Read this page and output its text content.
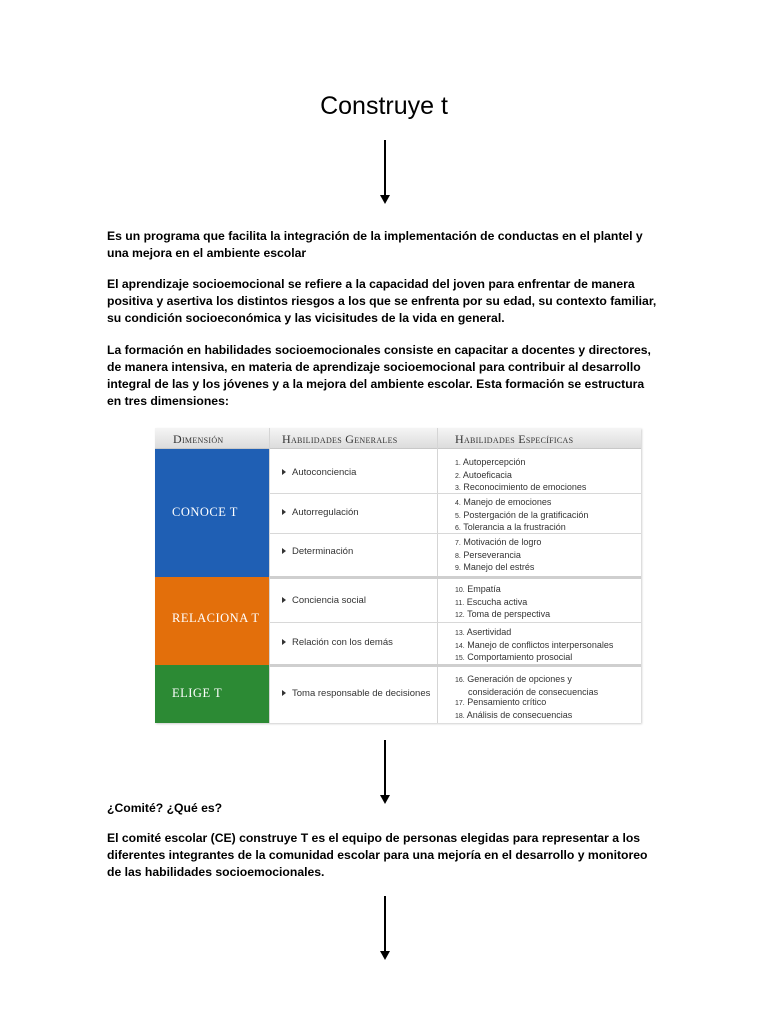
Construye t

Es un programa que facilita la integración de la implementación de conductas en el plantel y una mejora en el ambiente escolar

El aprendizaje socioemocional se refiere a la capacidad del joven para enfrentar de manera positiva y asertiva los distintos riesgos a los que se enfrenta por su edad, su contexto familiar, su condición socioeconómica y las vicisitudes de la vida en general.

La formación en habilidades socioemocionales consiste en capacitar a docentes y directores, de manera intensiva, en materia de aprendizaje socioemocional para contribuir al desarrollo integral de las y los jóvenes y a la mejora del ambiente escolar. Esta formación se estructura en tres dimensiones:

Dimensión	Habilidades Generales	Habilidades Específicas
CONOCE T
RELACIONA T
ELIGE T
Autoconciencia
Autorregulación
Determinación
Conciencia social
Relación con los demás
Toma responsable de decisiones
1. Autopercepción
2. Autoeficacia
3. Reconocimiento de emociones
4. Manejo de emociones
5. Postergación de la gratificación
6. Tolerancia a la frustración
7. Motivación de logro
8. Perseverancia
9. Manejo del estrés
10. Empatía
11. Escucha activa
12. Toma de perspectiva
13. Asertividad
14. Manejo de conflictos interpersonales
15. Comportamiento prosocial
16. Generación de opciones y
consideración de consecuencias
17. Pensamiento crítico
18. Análisis de consecuencias

¿Comité? ¿Qué es?

El comité escolar (CE) construye T es el equipo de personas elegidas para representar a los diferentes integrantes de la comunidad escolar para una mejoría en el desarrollo y monitoreo de las habilidades socioemocionales.
